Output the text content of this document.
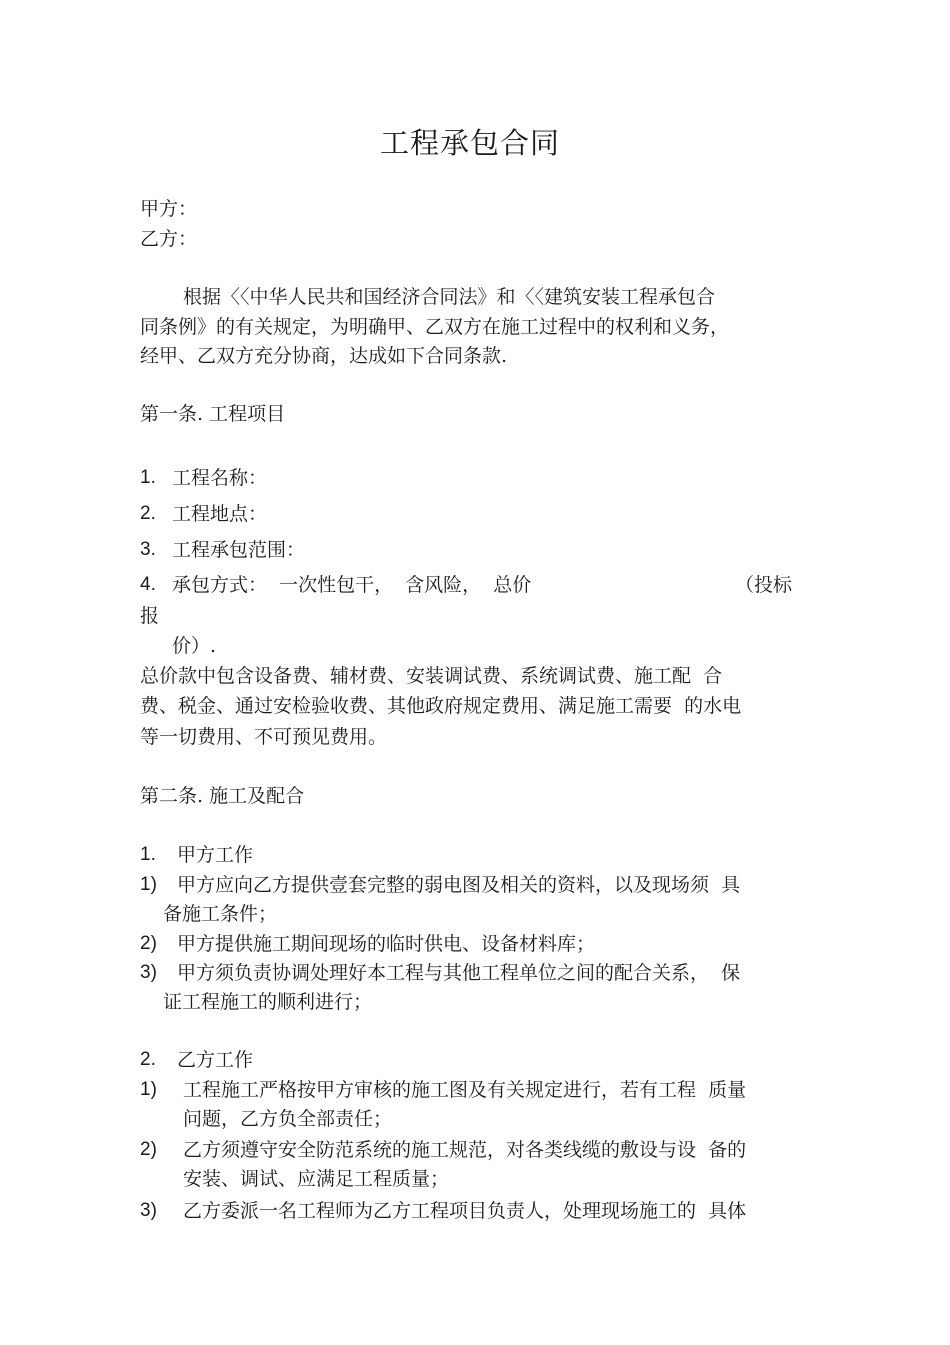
工程承包合同
甲方：
乙方：
根据〈〈中华人民共和国经济合同法》和〈〈建筑安装工程承包合
同条例》的有关规定，为明确甲、乙双方在施工过程中的权利和义务，
经甲、乙双方充分协商，达成如下合同条款.
第一条. 工程项目
1. 工程名称：
2. 工程地点：
3. 工程承包范围：
4. 承包方式：  一次性包干，  含风险，  总价	（投标
报
价）.
总价款中包含设备费、辅材费、安装调试费、系统调试费、施工配  合
费、税金、通过安检验收费、其他政府规定费用、满足施工需要  的水电
等一切费用、不可预见费用。
第二条. 施工及配合
1. 甲方工作
1) 甲方应向乙方提供壹套完整的弱电图及相关的资料，以及现场须  具
备施工条件；
2) 甲方提供施工期间现场的临时供电、设备材料库；
3) 甲方须负责协调处理好本工程与其他工程单位之间的配合关系，  保
证工程施工的顺利进行；
2. 乙方工作
1) 工程施工严格按甲方审核的施工图及有关规定进行，若有工程  质量
问题，乙方负全部责任；
2) 乙方须遵守安全防范系统的施工规范，对各类线缆的敷设与设  备的
安装、调试、应满足工程质量；
3) 乙方委派一名工程师为乙方工程项目负责人，处理现场施工的  具体
